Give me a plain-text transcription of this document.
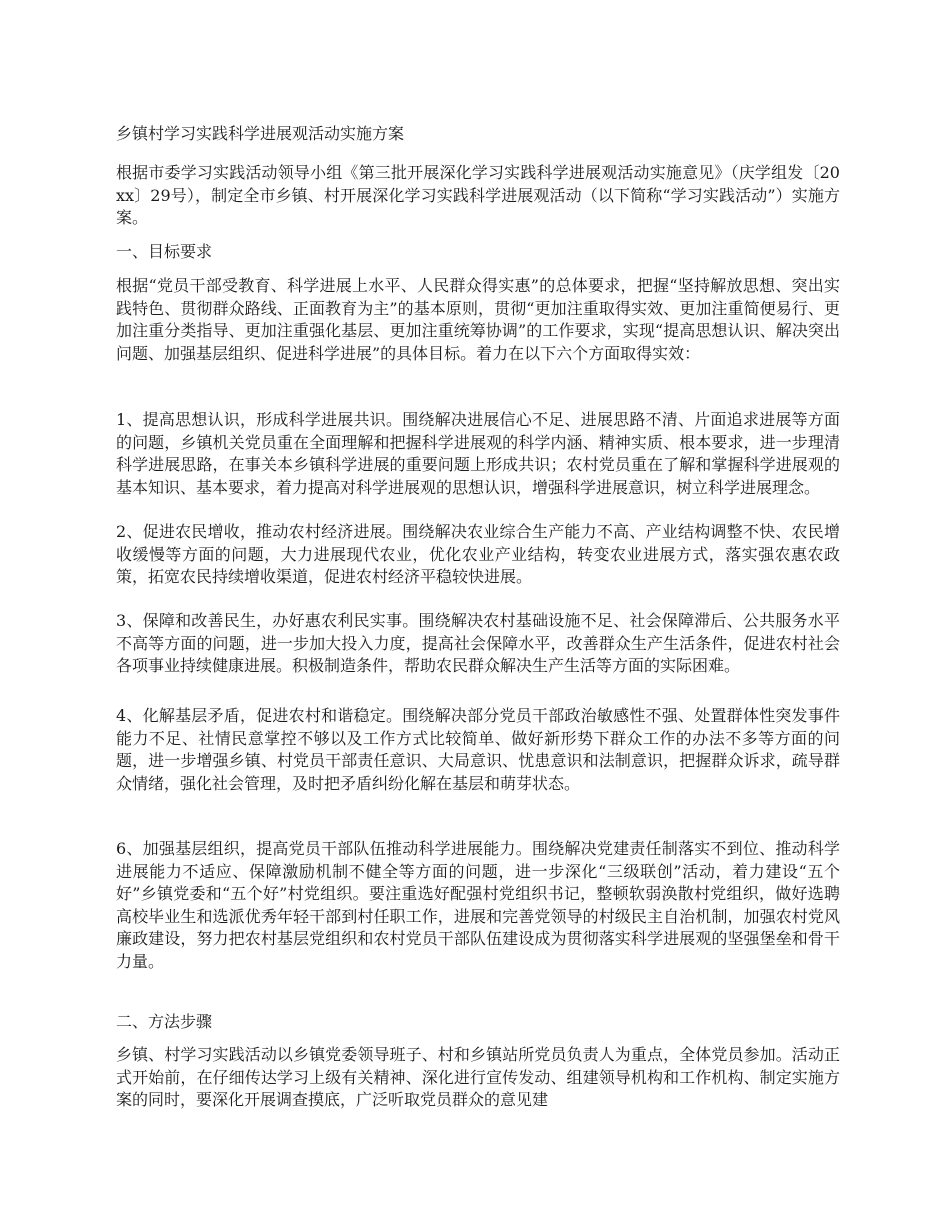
乡镇村学习实践科学进展观活动实施方案

根据市委学习实践活动领导小组《第三批开展深化学习实践科学进展观活动实施意见》（庆学组发〔20xx〕29号），制定全市乡镇、村开展深化学习实践科学进展观活动（以下简称“学习实践活动”）实施方案。

一、目标要求

根据“党员干部受教育、科学进展上水平、人民群众得实惠”的总体要求，把握“坚持解放思想、突出实践特色、贯彻群众路线、正面教育为主”的基本原则，贯彻“更加注重取得实效、更加注重简便易行、更加注重分类指导、更加注重强化基层、更加注重统筹协调”的工作要求，实现“提高思想认识、解决突出问题、加强基层组织、促进科学进展”的具体目标。着力在以下六个方面取得实效：

1、提高思想认识，形成科学进展共识。围绕解决进展信心不足、进展思路不清、片面追求进展等方面的问题，乡镇机关党员重在全面理解和把握科学进展观的科学内涵、精神实质、根本要求，进一步理清科学进展思路，在事关本乡镇科学进展的重要问题上形成共识；农村党员重在了解和掌握科学进展观的基本知识、基本要求，着力提高对科学进展观的思想认识，增强科学进展意识，树立科学进展理念。

2、促进农民增收，推动农村经济进展。围绕解决农业综合生产能力不高、产业结构调整不快、农民增收缓慢等方面的问题，大力进展现代农业，优化农业产业结构，转变农业进展方式，落实强农惠农政策，拓宽农民持续增收渠道，促进农村经济平稳较快进展。

3、保障和改善民生，办好惠农利民实事。围绕解决农村基础设施不足、社会保障滞后、公共服务水平不高等方面的问题，进一步加大投入力度，提高社会保障水平，改善群众生产生活条件，促进农村社会各项事业持续健康进展。积极制造条件，帮助农民群众解决生产生活等方面的实际困难。

4、化解基层矛盾，促进农村和谐稳定。围绕解决部分党员干部政治敏感性不强、处置群体性突发事件能力不足、社情民意掌控不够以及工作方式比较简单、做好新形势下群众工作的办法不多等方面的问题，进一步增强乡镇、村党员干部责任意识、大局意识、忧患意识和法制意识，把握群众诉求，疏导群众情绪，强化社会管理，及时把矛盾纠纷化解在基层和萌芽状态。

6、加强基层组织，提高党员干部队伍推动科学进展能力。围绕解决党建责任制落实不到位、推动科学进展能力不适应、保障激励机制不健全等方面的问题，进一步深化“三级联创”活动，着力建设“五个好”乡镇党委和“五个好”村党组织。要注重选好配强村党组织书记，整顿软弱涣散村党组织，做好选聘高校毕业生和选派优秀年轻干部到村任职工作，进展和完善党领导的村级民主自治机制，加强农村党风廉政建设，努力把农村基层党组织和农村党员干部队伍建设成为贯彻落实科学进展观的坚强堡垒和骨干力量。

二、方法步骤

乡镇、村学习实践活动以乡镇党委领导班子、村和乡镇站所党员负责人为重点，全体党员参加。活动正式开始前，在仔细传达学习上级有关精神、深化进行宣传发动、组建领导机构和工作机构、制定实施方案的同时，要深化开展调查摸底，广泛听取党员群众的意见建
